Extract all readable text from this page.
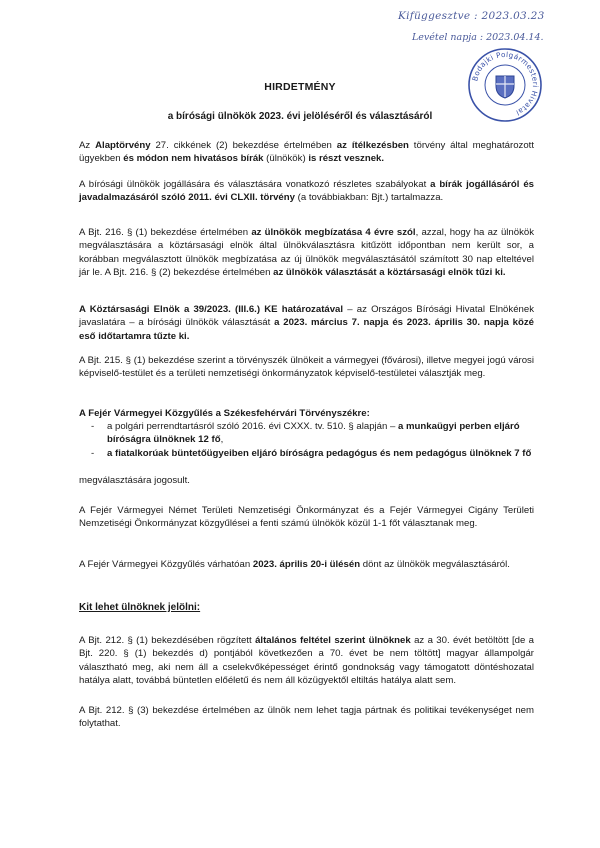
Kifüggesztve : 2023.03.23
Levétel napja : 2023.04.14.
Bodajki Polgármesteri Hivatal
HIRDETMÉNY
a bírósági ülnökök 2023. évi jelöléséről és választásáról

Az Alaptörvény 27. cikkének (2) bekezdése értelmében az ítélkezésben törvény által meghatározott ügyekben és módon nem hivatásos bírák (ülnökök) is részt vesznek.

A bírósági ülnökök jogállására és választására vonatkozó részletes szabályokat a bírák jogállásáról és javadalmazásáról szóló 2011. évi CLXII. törvény (a továbbiakban: Bjt.) tartalmazza.

A Bjt. 216. § (1) bekezdése értelmében az ülnökök megbízatása 4 évre szól, azzal, hogy ha az ülnökök megválasztására a köztársasági elnök által ülnökválasztásra kitűzött időpontban nem került sor, a korábban megválasztott ülnökök megbízatása az új ülnökök megválasztásától számított 30 nap elteltével jár le. A Bjt. 216. § (2) bekezdése értelmében az ülnökök választását a köztársasági elnök tűzi ki.

A Köztársasági Elnök a 39/2023. (III.6.) KE határozatával – az Országos Bírósági Hivatal Elnökének javaslatára – a bírósági ülnökök választását a 2023. március 7. napja és 2023. április 30. napja közé eső időtartamra tűzte ki.

A Bjt. 215. § (1) bekezdése szerint a törvényszék ülnökeit a vármegyei (fővárosi), illetve megyei jogú városi képviselő-testület és a területi nemzetiségi önkormányzatok képviselő-testületei választják meg.

A Fejér Vármegyei Közgyűlés a Székesfehérvári Törvényszékre:

- a polgári perrendtartásról szóló 2016. évi CXXX. tv. 510. § alapján – a munkaügyi perben eljáró bíróságra ülnöknek 12 fő,
- a fiatalkorúak büntetőügyeiben eljáró bíróságra pedagógus és nem pedagógus ülnöknek 7 fő

megválasztására jogosult.

A Fejér Vármegyei Német Területi Nemzetiségi Önkormányzat és a Fejér Vármegyei Cigány Területi Nemzetiségi Önkormányzat közgyűlései a fenti számú ülnökök közül 1-1 főt választanak meg.

A Fejér Vármegyei Közgyűlés várhatóan 2023. április 20-i ülésén dönt az ülnökök megválasztásáról.

Kit lehet ülnöknek jelölni:

A Bjt. 212. § (1) bekezdésében rögzített általános feltétel szerint ülnöknek az a 30. évét betöltött [de a Bjt. 220. § (1) bekezdés d) pontjából következően a 70. évet be nem töltött] magyar állampolgár választható meg, aki nem áll a cselekvőképességet érintő gondnokság vagy támogatott döntéshozatal hatálya alatt, továbbá büntetlen előéletű és nem áll közügyektől eltiltás hatálya alatt sem.

A Bjt. 212. § (3) bekezdése értelmében az ülnök nem lehet tagja pártnak és politikai tevékenységet nem folytathat.
